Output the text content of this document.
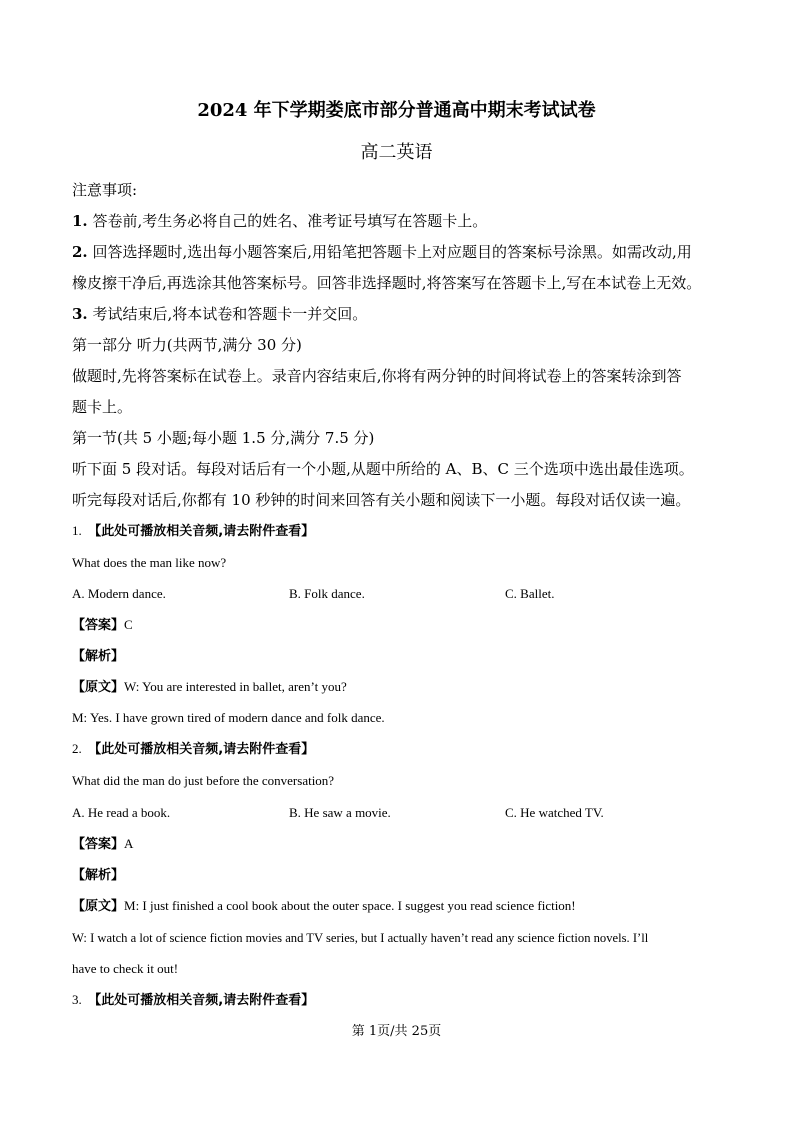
2024 年下学期娄底市部分普通高中期末考试试卷
高二英语
注意事项:
1. 答卷前,考生务必将自己的姓名、准考证号填写在答题卡上。
2. 回答选择题时,选出每小题答案后,用铅笔把答题卡上对应题目的答案标号涂黑。如需改动,用
橡皮擦干净后,再选涂其他答案标号。回答非选择题时,将答案写在答题卡上,写在本试卷上无效。
3. 考试结束后,将本试卷和答题卡一并交回。
第一部分 听力(共两节,满分 30 分)
做题时,先将答案标在试卷上。录音内容结束后,你将有两分钟的时间将试卷上的答案转涂到答
题卡上。
第一节(共 5 小题;每小题 1.5 分,满分 7.5 分)
听下面 5 段对话。每段对话后有一个小题,从题中所给的 A、B、C 三个选项中选出最佳选项。
听完每段对话后,你都有 10 秒钟的时间来回答有关小题和阅读下一小题。每段对话仅读一遍。
1. 【此处可播放相关音频,请去附件查看】
What does the man like now?
A. Modern dance.	B. Folk dance.	C. Ballet.
【答案】C
【解析】
【原文】W: You are interested in ballet, aren’t you?
M: Yes. I have grown tired of modern dance and folk dance.
2. 【此处可播放相关音频,请去附件查看】
What did the man do just before the conversation?
A. He read a book.	B. He saw a movie.	C. He watched TV.
【答案】A
【解析】
【原文】M: I just finished a cool book about the outer space. I suggest you read science fiction!
W: I watch a lot of science fiction movies and TV series, but I actually haven’t read any science fiction novels. I’ll
have to check it out!
3. 【此处可播放相关音频,请去附件查看】
第 1页/共 25页
